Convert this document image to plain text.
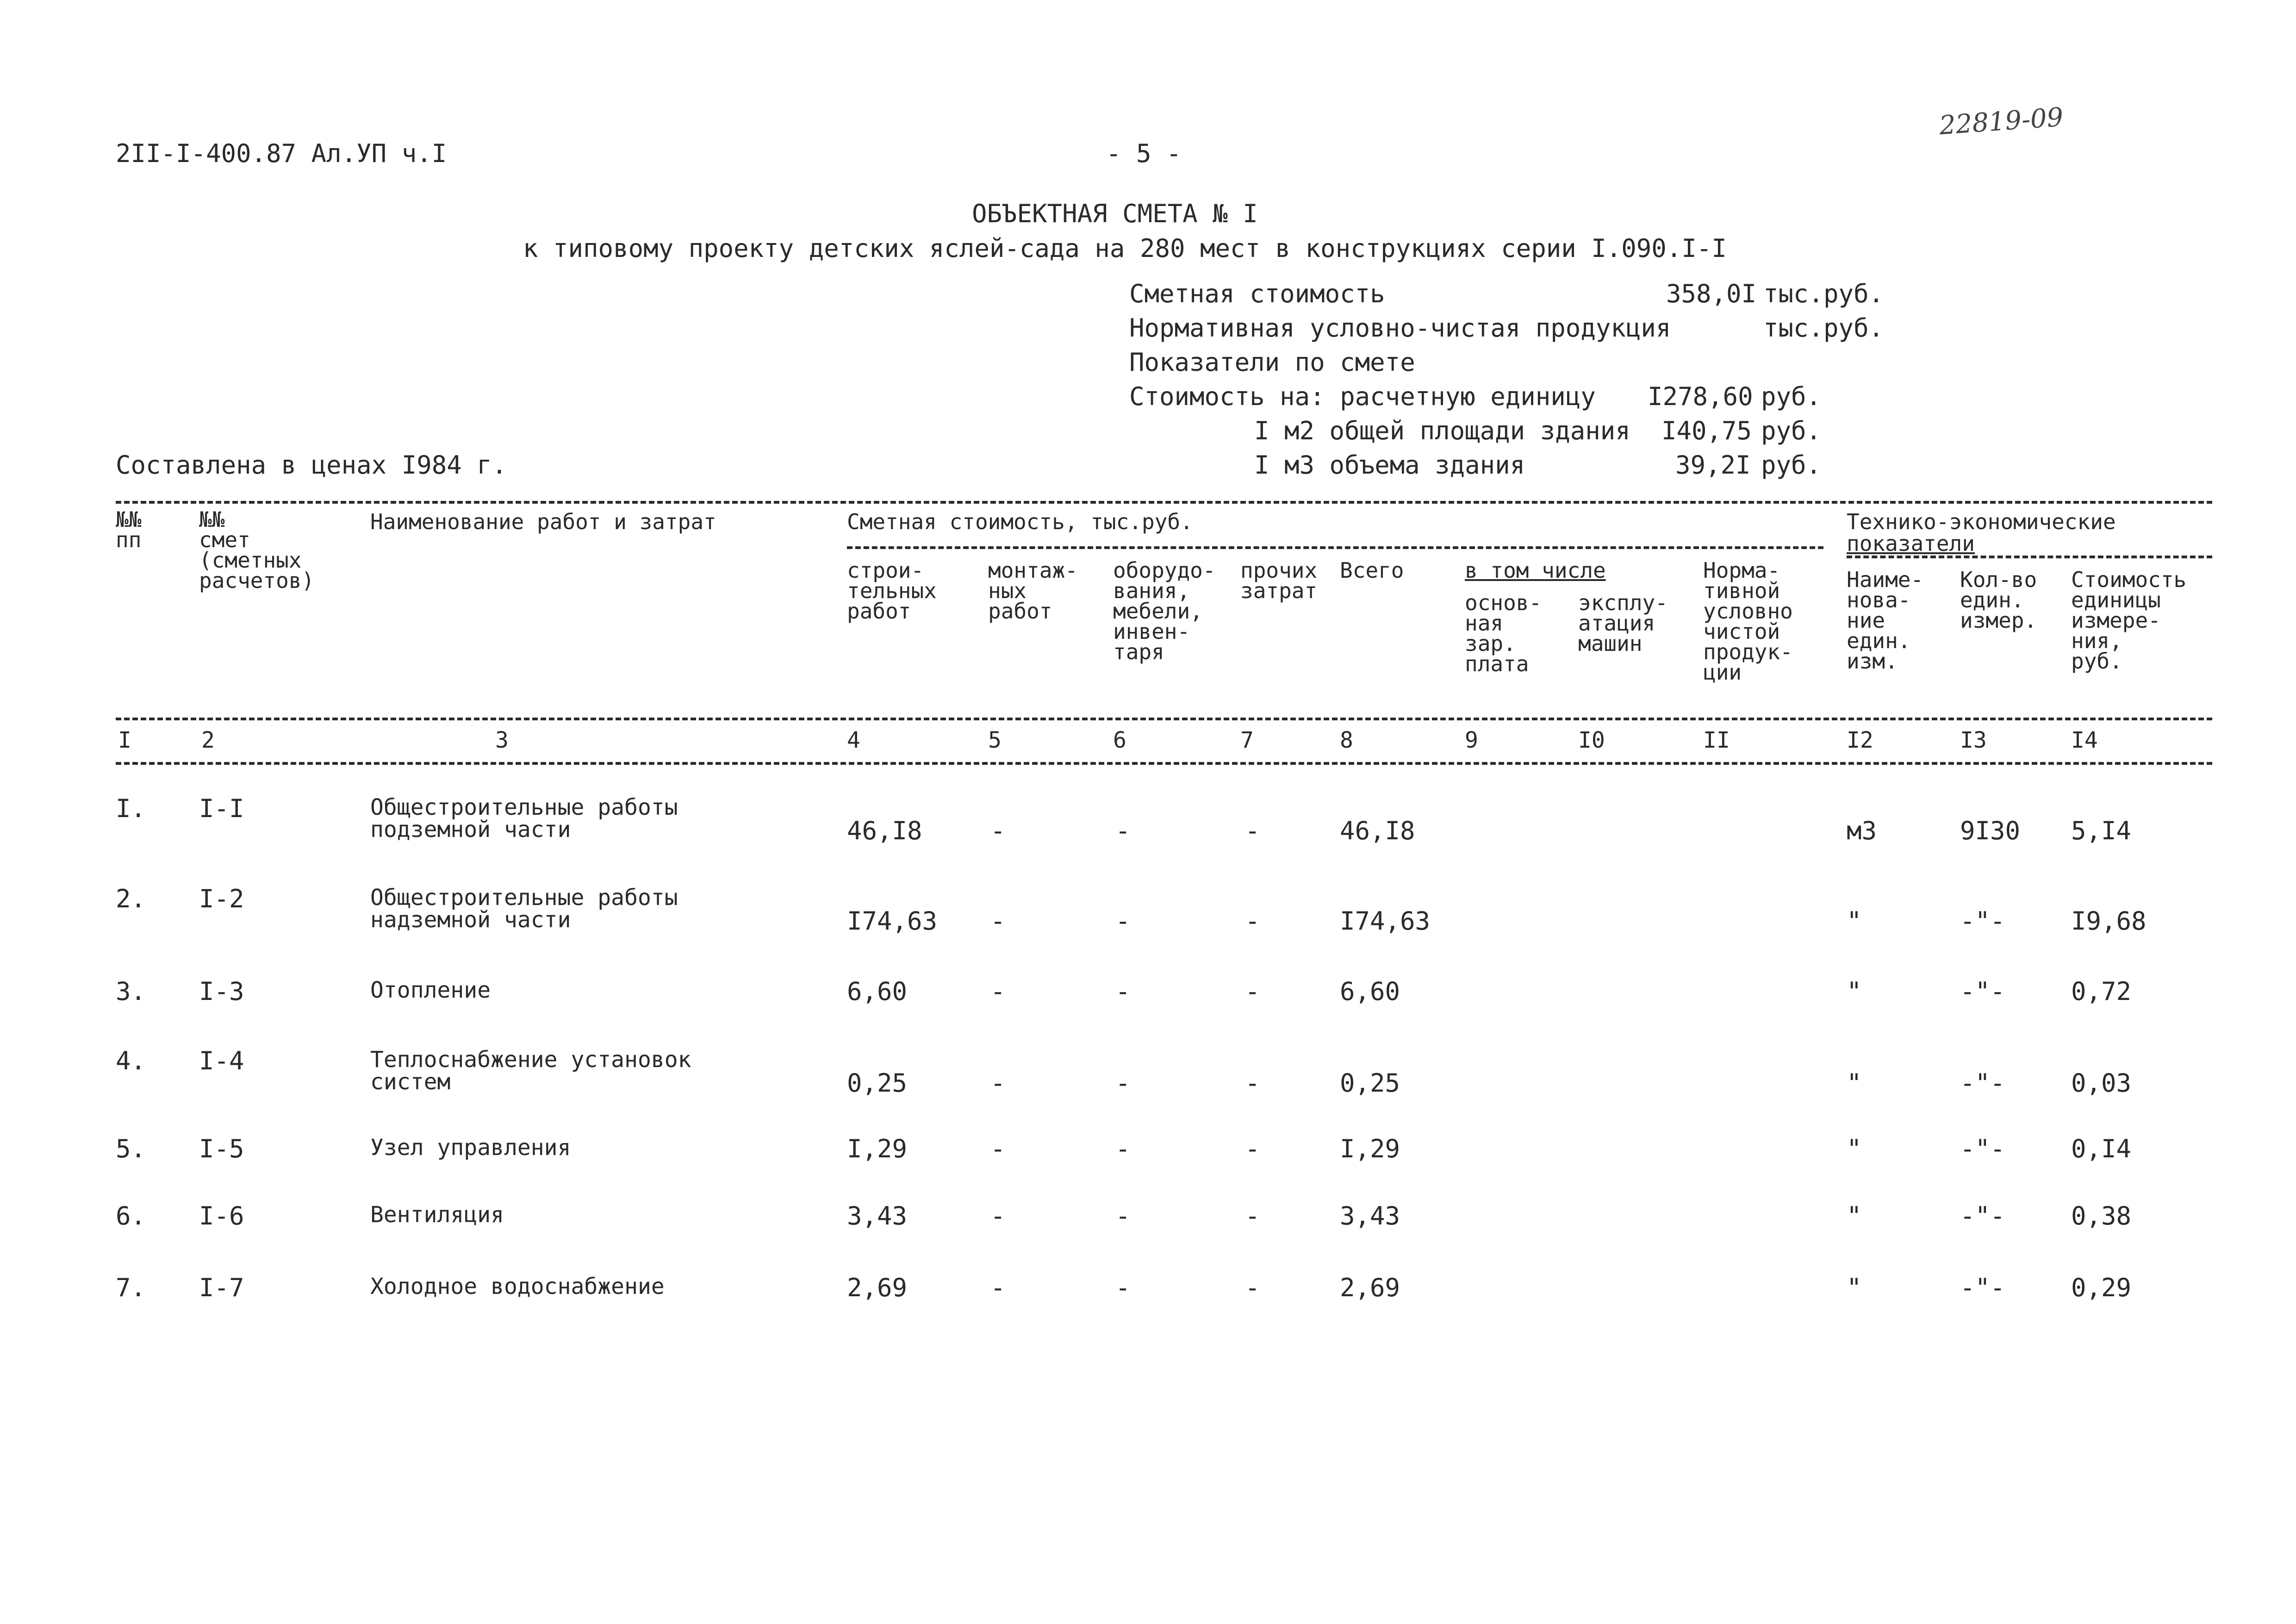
22819-09
2II-I-400.87 Ал.УП ч.I	- 5 -
ОБЪЕКТНАЯ СМЕТА № I
к типовому проекту детских яслей-сада на 280 мест в конструкциях серии I.090.I-I
Сметная стоимость	358,0I тыс.руб.
Нормативная условно-чистая продукция	тыс.руб.
Показатели по смете
Стоимость на: расчетную единицу I278,60 руб.
I м2 общей площади здания I40,75 руб.
I м3 объема здания	39,2I руб.
Составлена в ценах I984 г.
№№
пп
№№
смет
(сметных
расчетов)
Наименование работ и затрат	Сметная стоимость, тыс.руб.
строи-
тельных
работ
монтаж-
ных
работ
оборудо-
вания,
мебели,
инвен-
таря
прочих
затрат
Всего	в том числе
основ-
ная
зар.
плата
эксплу-
атация
машин
Норма-
тивной
условно
чистой
продук-
ции
Технико-экономические
показатели
Наиме-
нова-
ние
един.
изм.
Кол-во
един.
измер.
Стоимость
единицы
измере-
ния,
руб.
I	2	3	4	5	6	7	8	9	I0	II	I2	I3	I4
I. I-I	Общестроительные работы
подземной части	46,I8	-	-	-	46,I8	м3	9I30 5,I4
2. I-2	Общестроительные работы
надземной части	I74,63 -	-	-	I74,63	"	-"-	I9,68
3. I-3	Отопление	6,60	-	-	-	6,60	"	-"-	0,72
4. I-4	Теплоснабжение установок
систем	0,25	-	-	-	0,25	"	-"-	0,03
5. I-5	Узел управления	I,29	-	-	-	I,29	"	-"-	0,I4
6. I-6	Вентиляция	3,43	-	-	-	3,43	"	-"-	0,38
7. I-7	Холодное водоснабжение	2,69	-	-	-	2,69	"	-"-	0,29
